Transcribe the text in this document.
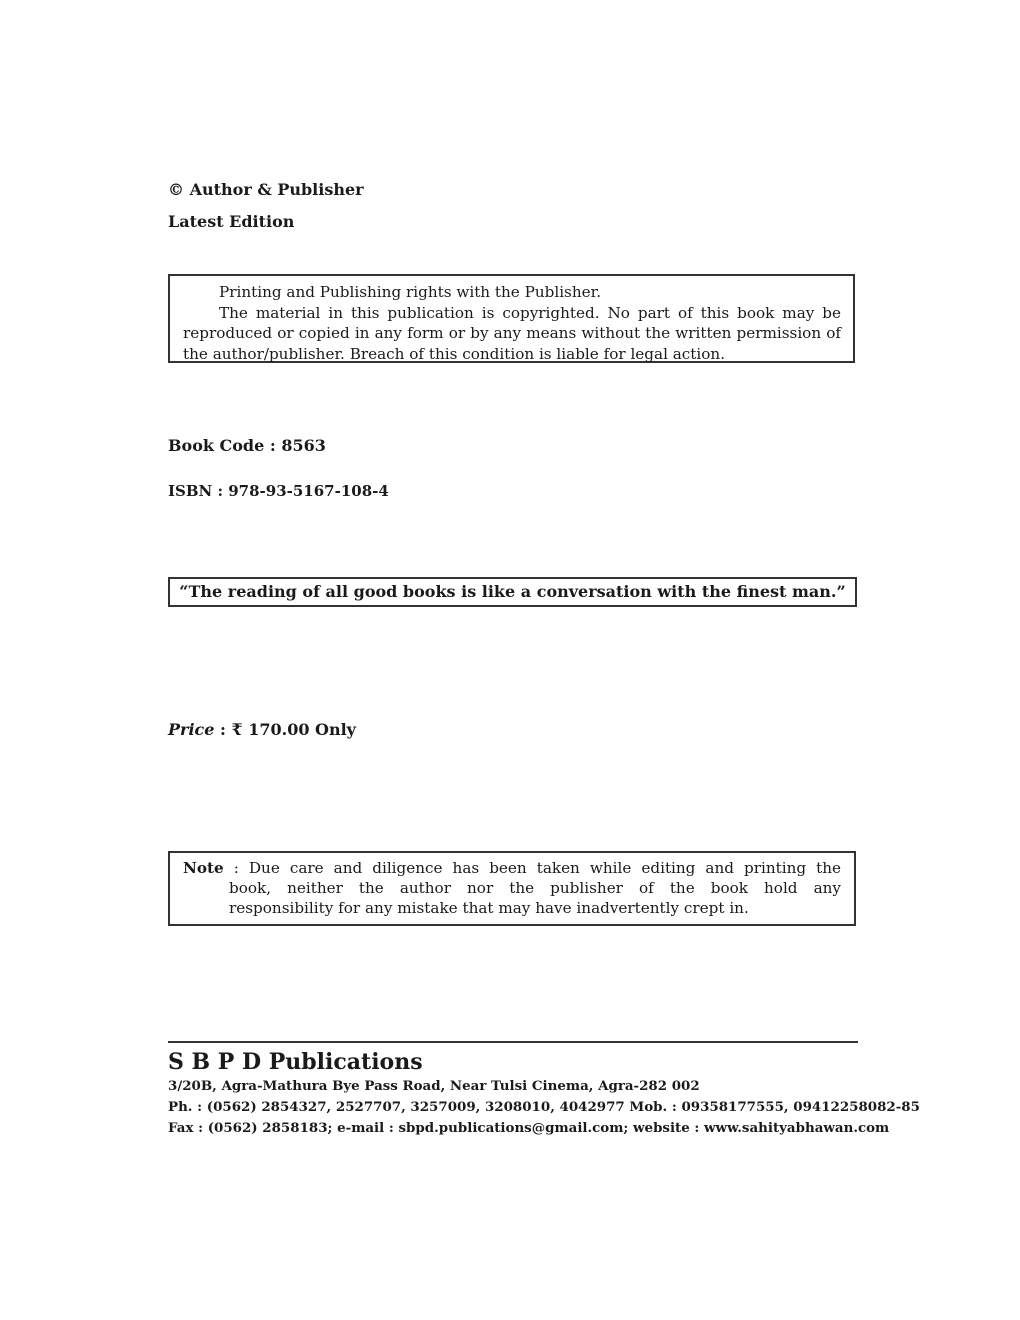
© Author & Publisher
Latest Edition

Printing and Publishing rights with the Publisher.

The material in this publication is copyrighted. No part of this book may be reproduced or copied in any form or by any means without the written permission of the author/publisher. Breach of this condition is liable for legal action.

Book Code : 8563
ISBN : 978-93-5167-108-4
“The reading of all good books is like a conversation with the finest man.”
Price : ₹ 170.00 Only
Note : Due care and diligence has been taken while editing and printing the
book, neither the author nor the publisher of the book hold any
responsibility for any mistake that may have inadvertently crept in.
S B P D Publications
3/20B, Agra-Mathura Bye Pass Road, Near Tulsi Cinema, Agra-282 002
Ph. : (0562) 2854327, 2527707, 3257009, 3208010, 4042977 Mob. : 09358177555, 09412258082-85
Fax : (0562) 2858183; e-mail : sbpd.publications@gmail.com; website : www.sahityabhawan.com
